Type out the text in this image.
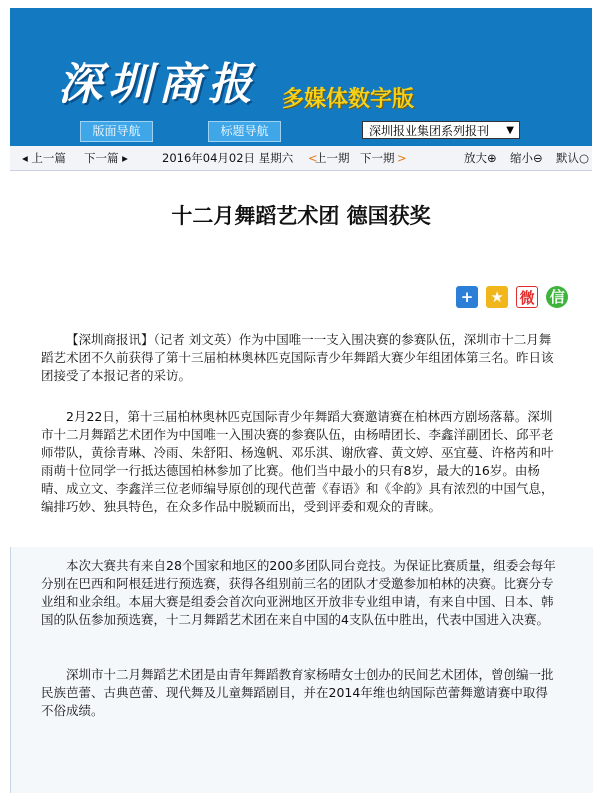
深圳商报 多媒体数字版
版面导航	标题导航	深圳报业集团系列报刊 ▼
◂ 上一篇 下一篇 ▸	2016年04月02日 星期六 <
上一期 下一期 >	放大⊕ 缩小⊖ 默认○
十二月舞蹈艺术团 德国获奖
+ ★ 微 信

【深圳商报讯】（记者 刘文英）作为中国唯一一支入围决赛的参赛队伍，深圳市十二月舞蹈艺术团不久前获得了第十三届柏林奥林匹克国际青少年舞蹈大赛少年组团体第三名。昨日该团接受了本报记者的采访。

2月22日，第十三届柏林奥林匹克国际青少年舞蹈大赛邀请赛在柏林西方剧场落幕。深圳市十二月舞蹈艺术团作为中国唯一入围决赛的参赛队伍，由杨晴团长、李鑫洋副团长、邱平老师带队，黄徐青琳、冷雨、朱舒阳、杨逸帆、邓乐淇、谢欣睿、黄文婷、巫宜蔓、许格芮和叶雨萌十位同学一行抵达德国柏林参加了比赛。他们当中最小的只有8岁，最大的16岁。由杨晴、成立文、李鑫洋三位老师编导原创的现代芭蕾《春语》和《伞韵》具有浓烈的中国气息，编排巧妙、独具特色，在众多作品中脱颖而出，受到评委和观众的青睐。

本次大赛共有来自28个国家和地区的200多团队同台竞技。为保证比赛质量，组委会每年分别在巴西和阿根廷进行预选赛，获得各组别前三名的团队才受邀参加柏林的决赛。比赛分专业组和业余组。本届大赛是组委会首次向亚洲地区开放非专业组申请，有来自中国、日本、韩国的队伍参加预选赛，十二月舞蹈艺术团在来自中国的4支队伍中胜出，代表中国进入决赛。

深圳市十二月舞蹈艺术团是由青年舞蹈教育家杨晴女士创办的民间艺术团体，曾创编一批民族芭蕾、古典芭蕾、现代舞及儿童舞蹈剧目，并在2014年维也纳国际芭蕾舞邀请赛中取得不俗成绩。
